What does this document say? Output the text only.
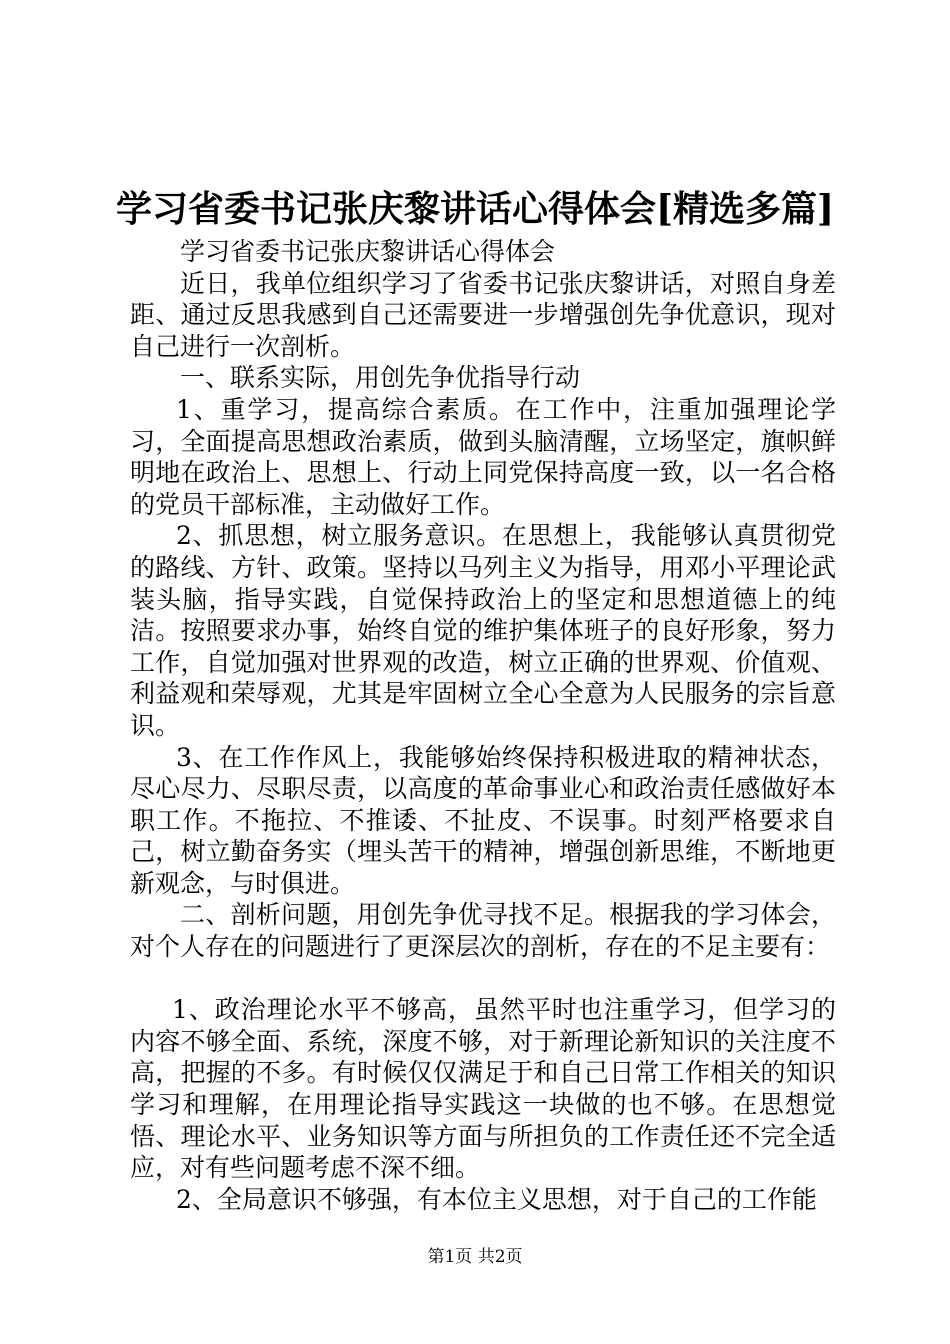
学习省委书记张庆黎讲话心得体会[精选多篇]

学习省委书记张庆黎讲话心得体会

近日，我单位组织学习了省委书记张庆黎讲话，对照自身差距、通过反思我感到自己还需要进一步增强创先争优意识，现对自己进行一次剖析。

一、联系实际，用创先争优指导行动

1、重学习，提高综合素质。在工作中，注重加强理论学习，全面提高思想政治素质，做到头脑清醒，立场坚定，旗帜鲜明地在政治上、思想上、行动上同党保持高度一致，以一名合格的党员干部标准，主动做好工作。

2、抓思想，树立服务意识。在思想上，我能够认真贯彻党的路线、方针、政策。坚持以马列主义为指导，用邓小平理论武装头脑，指导实践，自觉保持政治上的坚定和思想道德上的纯洁。按照要求办事，始终自觉的维护集体班子的良好形象，努力工作，自觉加强对世界观的改造，树立正确的世界观、价值观、利益观和荣辱观，尤其是牢固树立全心全意为人民服务的宗旨意识。

3、在工作作风上，我能够始终保持积极进取的精神状态，尽心尽力、尽职尽责，以高度的革命事业心和政治责任感做好本职工作。不拖拉、不推诿、不扯皮、不误事。时刻严格要求自己，树立勤奋务实（埋头苦干的精神，增强创新思维，不断地更新观念，与时俱进。

二、剖析问题，用创先争优寻找不足。根据我的学习体会，对个人存在的问题进行了更深层次的剖析，存在的不足主要有：

1、政治理论水平不够高，虽然平时也注重学习，但学习的内容不够全面、系统，深度不够，对于新理论新知识的关注度不高，把握的不多。有时候仅仅满足于和自己日常工作相关的知识学习和理解，在用理论指导实践这一块做的也不够。在思想觉悟、理论水平、业务知识等方面与所担负的工作责任还不完全适应，对有些问题考虑不深不细。

2、全局意识不够强，有本位主义思想，对于自己的工作能

第1页 共2页
